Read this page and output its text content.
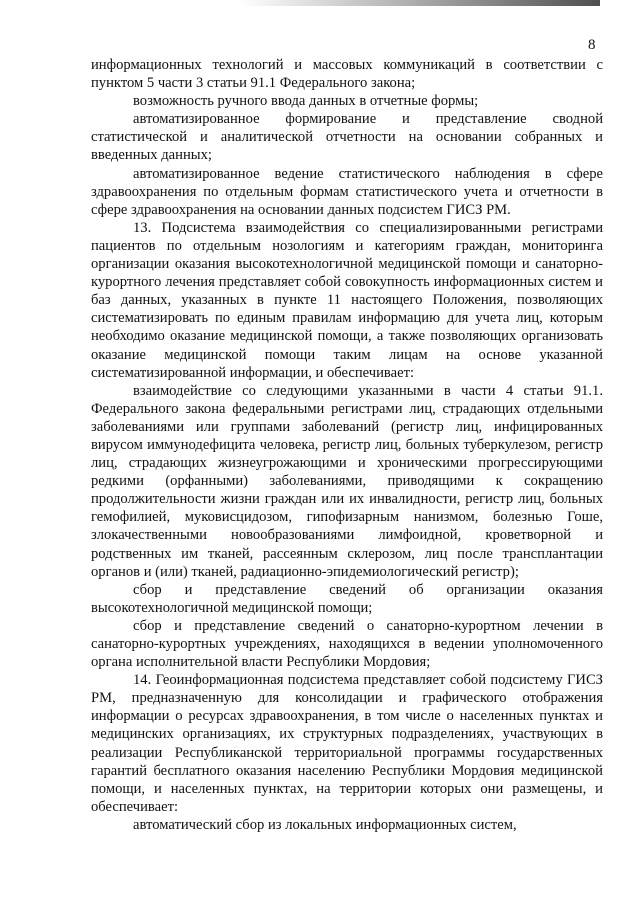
8

информационных технологий и массовых коммуникаций в соответствии с пунктом 5 части 3 статьи 91.1 Федерального закона;

возможность ручного ввода данных в отчетные формы;

автоматизированное формирование и представление сводной статистической и аналитической отчетности на основании собранных и введенных данных;

автоматизированное ведение статистического наблюдения в сфере здравоохранения по отдельным формам статистического учета и отчетности в сфере здравоохранения на основании данных подсистем ГИСЗ РМ.

13. Подсистема взаимодействия со специализированными регистрами пациентов по отдельным нозологиям и категориям граждан, мониторинга организации оказания высокотехнологичной медицинской помощи и санаторно-курортного лечения представляет собой совокупность информационных систем и баз данных, указанных в пункте 11 настоящего Положения, позволяющих систематизировать по единым правилам информацию для учета лиц, которым необходимо оказание медицинской помощи, а также позволяющих организовать оказание медицинской помощи таким лицам на основе указанной систематизированной информации, и обеспечивает:

взаимодействие со следующими указанными в части 4 статьи 91.1. Федерального закона федеральными регистрами лиц, страдающих отдельными заболеваниями или группами заболеваний (регистр лиц, инфицированных вирусом иммунодефицита человека, регистр лиц, больных туберкулезом, регистр лиц, страдающих жизнеугрожающими и хроническими прогрессирующими редкими (орфанными) заболеваниями, приводящими к сокращению продолжительности жизни граждан или их инвалидности, регистр лиц, больных гемофилией, муковисцидозом, гипофизарным нанизмом, болезнью Гоше, злокачественными новообразованиями лимфоидной, кроветворной и родственных им тканей, рассеянным склерозом, лиц после трансплантации органов и (или) тканей, радиационно-эпидемиологический регистр);

сбор и представление сведений об организации оказания высокотехнологичной медицинской помощи;

сбор и представление сведений о санаторно-курортном лечении в санаторно-курортных учреждениях, находящихся в ведении уполномоченного органа исполнительной власти Республики Мордовия;

14. Геоинформационная подсистема представляет собой подсистему ГИСЗ РМ, предназначенную для консолидации и графического отображения информации о ресурсах здравоохранения, в том числе о населенных пунктах и медицинских организациях, их структурных подразделениях, участвующих в реализации Республиканской территориальной программы государственных гарантий бесплатного оказания населению Республики Мордовия медицинской помощи, и населенных пунктах, на территории которых они размещены, и обеспечивает:

автоматический сбор из локальных информационных систем,
